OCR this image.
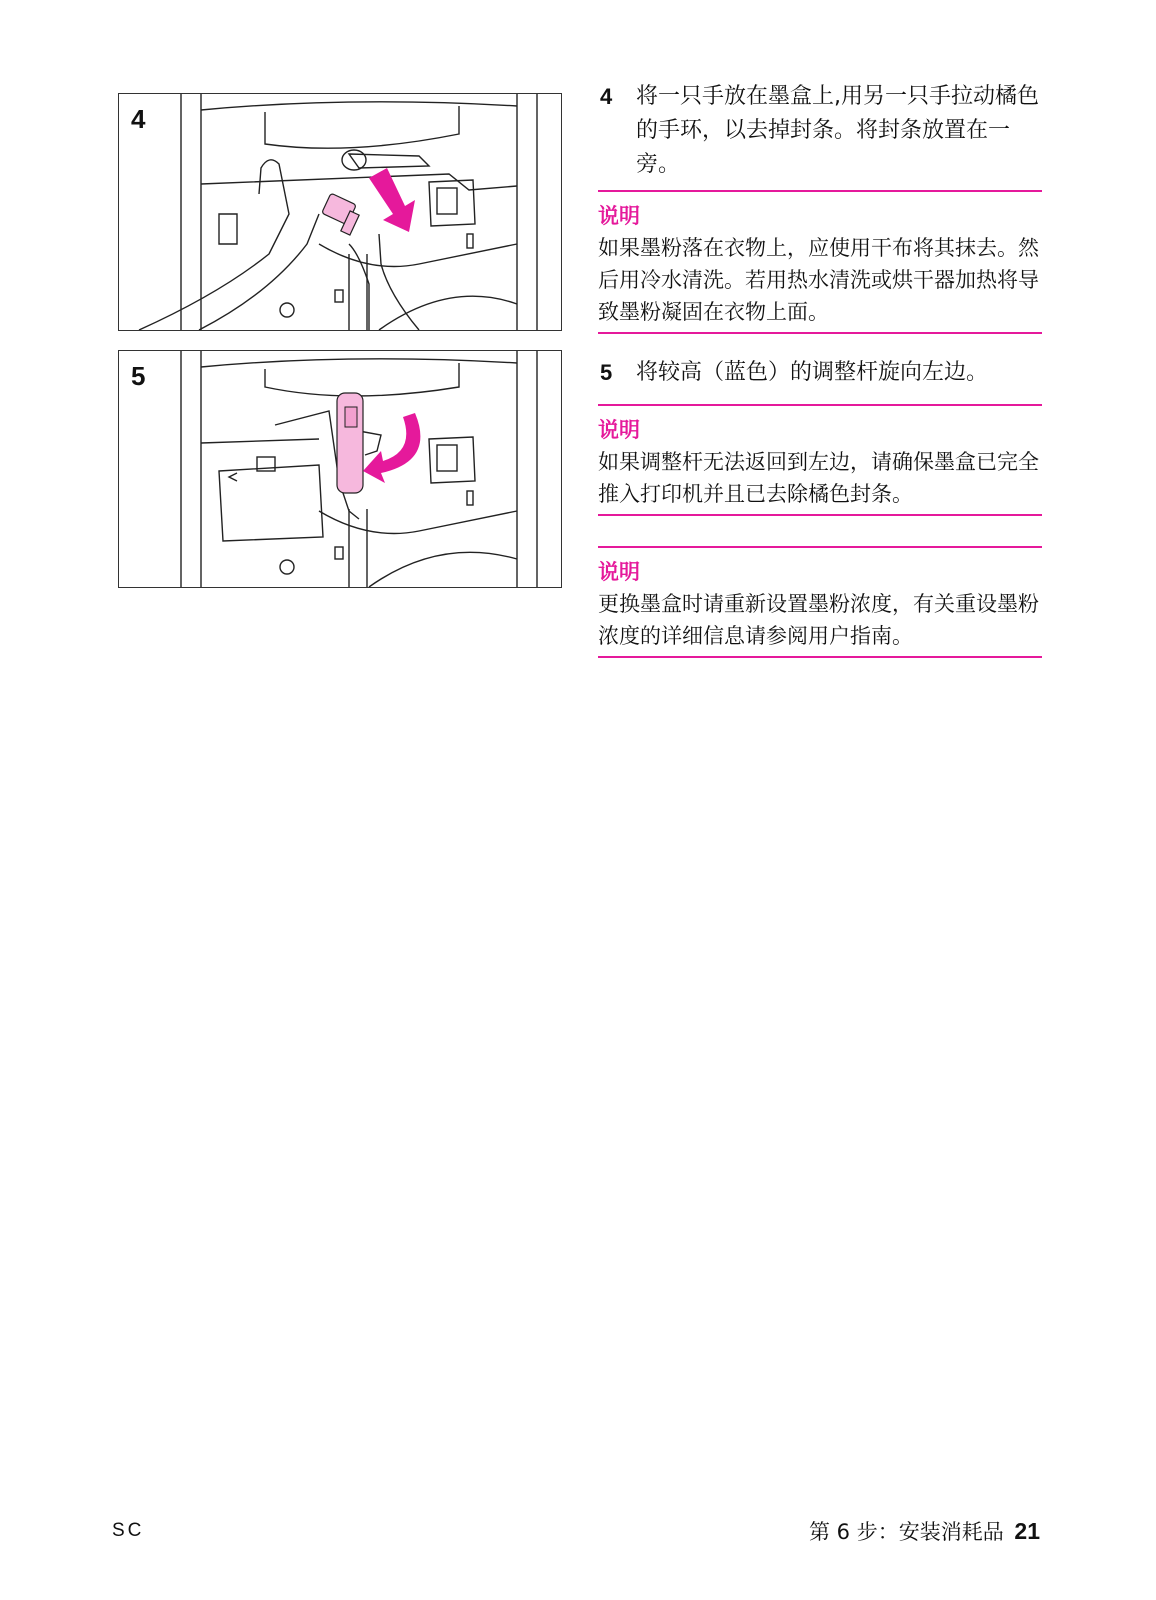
4
5
4 将一只手放在墨盒上,用另一只手拉动橘色的手环，以去掉封条。将封条放置在一旁。
说明
如果墨粉落在衣物上，应使用干布将其抹去。然后用冷水清洗。若用热水清洗或烘干器加热将导致墨粉凝固在衣物上面。
5 将较高（蓝色）的调整杆旋向左边。
说明
如果调整杆无法返回到左边，请确保墨盒已完全推入打印机并且已去除橘色封条。
说明
更换墨盒时请重新设置墨粉浓度，有关重设墨粉浓度的详细信息请参阅用户指南。
SC	第 6 步：安装消耗品 21
